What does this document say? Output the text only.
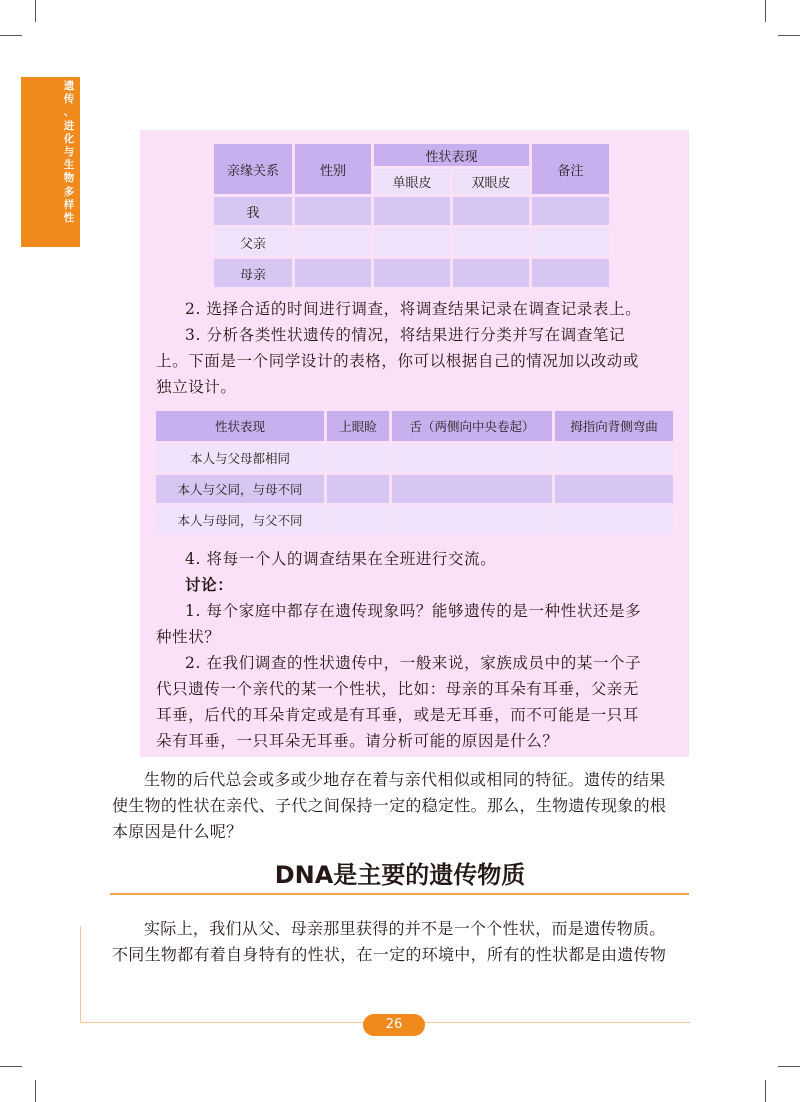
遗
传
、
进
化
与
生
物
多
样
性
亲缘关系	性别	性状表现		备注
		单眼皮	双眼皮	
我				
父亲				
母亲				
2. 选择合适的时间进行调查，将调查结果记录在调查记录表上。
3. 分析各类性状遗传的情况，将结果进行分类并写在调查笔记
上。下面是一个同学设计的表格，你可以根据自己的情况加以改动或
独立设计。
性状表现	上眼睑	舌（两侧向中央卷起）	拇指向背侧弯曲
本人与父母都相同			
本人与父同，与母不同			
本人与母同，与父不同			
4. 将每一个人的调查结果在全班进行交流。
讨论：
1. 每个家庭中都存在遗传现象吗？能够遗传的是一种性状还是多
种性状？
2. 在我们调查的性状遗传中，一般来说，家族成员中的某一个子
代只遗传一个亲代的某一个性状，比如：母亲的耳朵有耳垂，父亲无
耳垂，后代的耳朵肯定或是有耳垂，或是无耳垂，而不可能是一只耳
朵有耳垂，一只耳朵无耳垂。请分析可能的原因是什么？
生物的后代总会或多或少地存在着与亲代相似或相同的特征。遗传的结果
使生物的性状在亲代、子代之间保持一定的稳定性。那么，生物遗传现象的根
本原因是什么呢？
DNA是主要的遗传物质
实际上，我们从父、母亲那里获得的并不是一个个性状，而是遗传物质。
不同生物都有着自身特有的性状，在一定的环境中，所有的性状都是由遗传物
26
